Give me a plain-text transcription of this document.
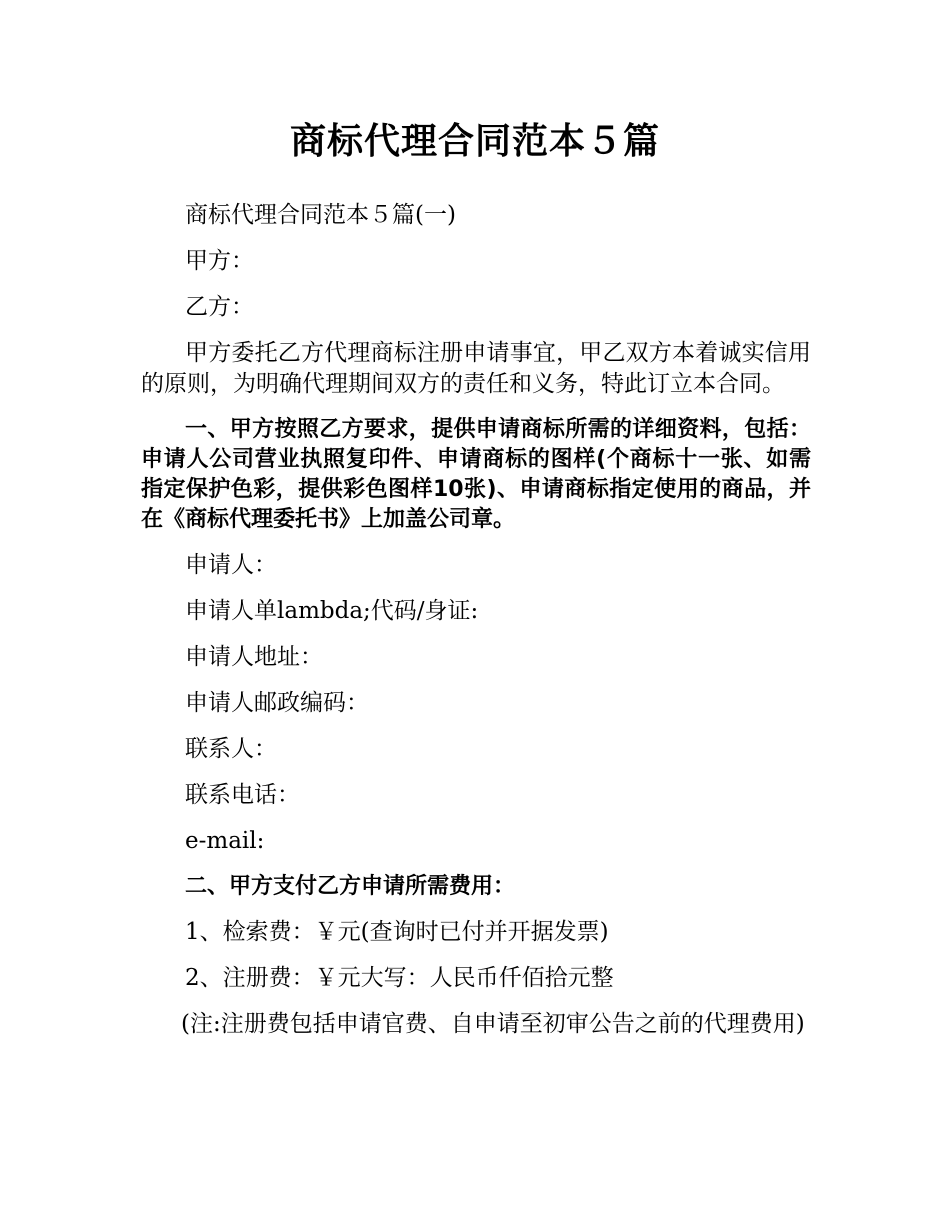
商标代理合同范本５篇

商标代理合同范本５篇(一)

甲方：

乙方：

甲方委托乙方代理商标注册申请事宜，甲乙双方本着诚实信用的原则，为明确代理期间双方的责任和义务，特此订立本合同。

一、甲方按照乙方要求，提供申请商标所需的详细资料，包括：申请人公司营业执照复印件、申请商标的图样(个商标十一张、如需指定保护色彩，提供彩色图样10张)、申请商标指定使用的商品，并在《商标代理委托书》上加盖公司章。

申请人：

申请人单lambda;代码/身证:

申请人地址：

申请人邮政编码：

联系人：

联系电话：

e-mail:

二、甲方支付乙方申请所需费用：

1、检索费：￥元(查询时已付并开据发票)

2、注册费：￥元大写：人民币仟佰拾元整

(注:注册费包括申请官费、自申请至初审公告之前的代理费用)
